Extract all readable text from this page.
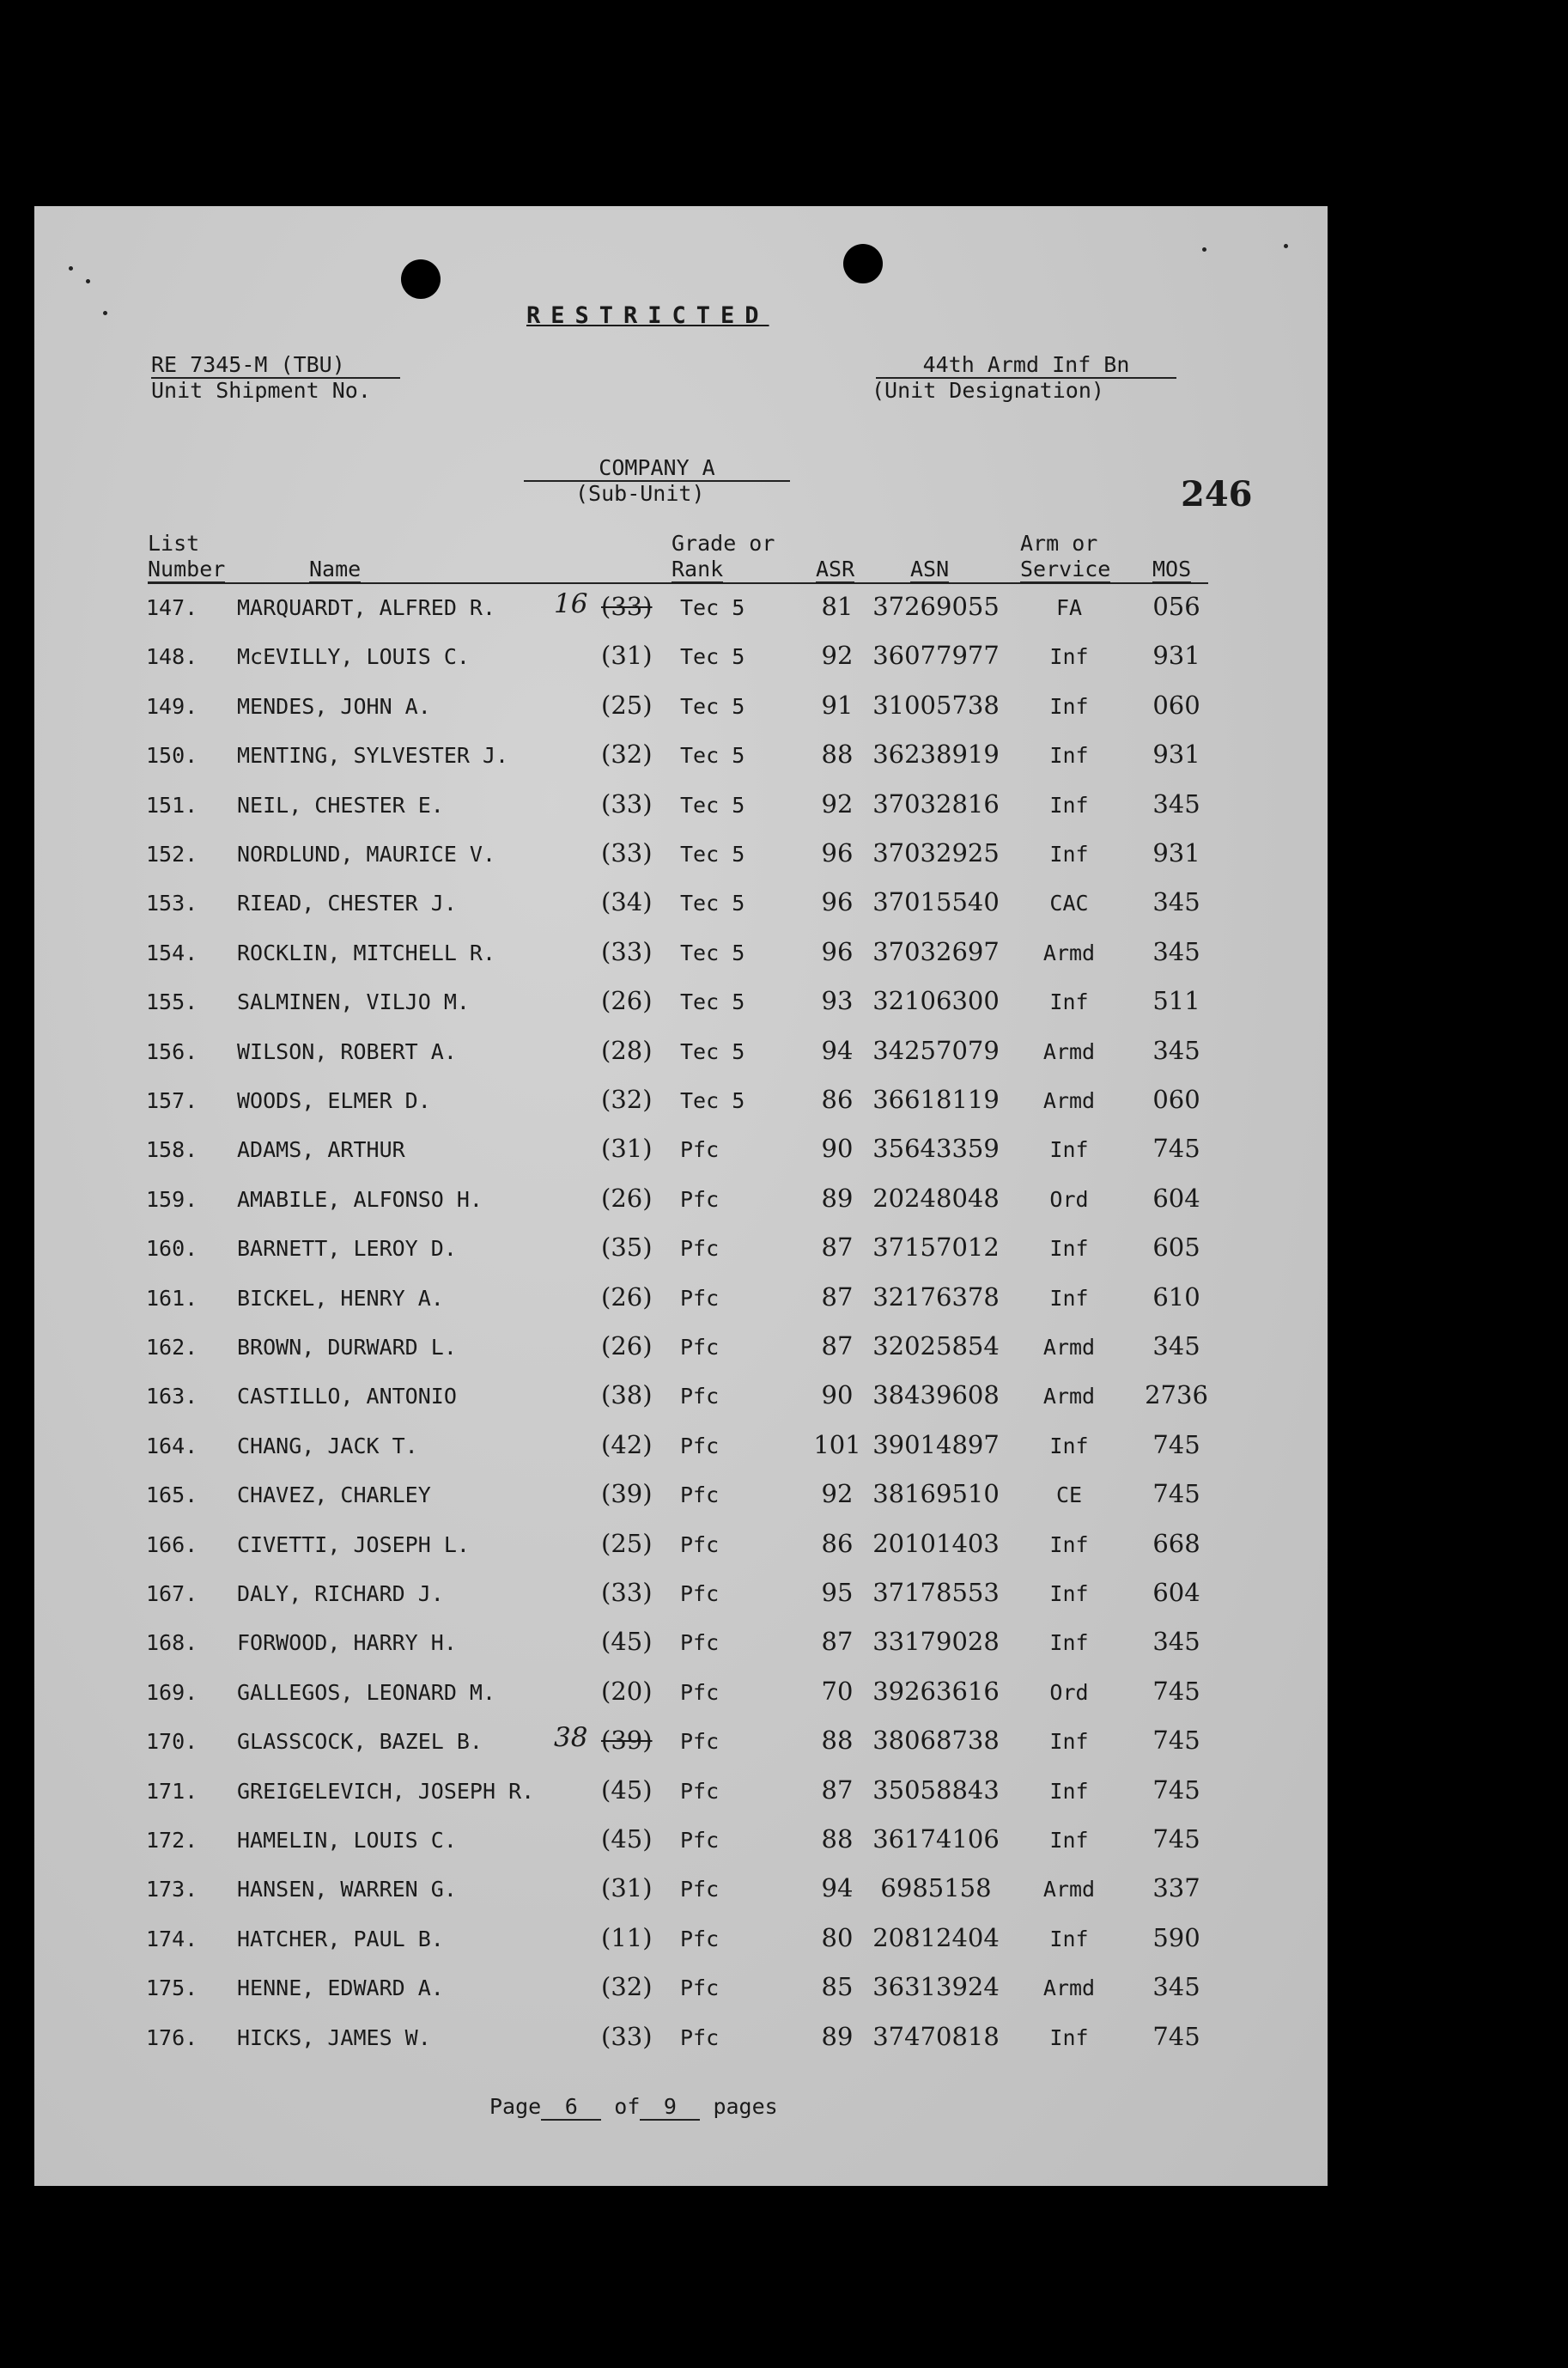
RESTRICTED
RE 7345-M (TBU)
Unit Shipment No.
44th Armd Inf Bn
(Unit Designation)
COMPANY A
(Sub-Unit)	246
List
Number	Name
Grade or
Rank	ASR	ASN
Arm or
Service MOS
147. MARQUARDT, ALFRED R.	(33) Tec 5	81 37269055	FA	056
16
148. McEVILLY, LOUIS C.	(31) Tec 5	92 36077977	Inf	931
149. MENDES, JOHN A.	(25) Tec 5	91 31005738	Inf	060
150. MENTING, SYLVESTER J.	(32) Tec 5	88 36238919	Inf	931
151. NEIL, CHESTER E.	(33) Tec 5	92 37032816	Inf	345
152. NORDLUND, MAURICE V.	(33) Tec 5	96 37032925	Inf	931
153. RIEAD, CHESTER J.	(34) Tec 5	96 37015540	CAC	345
154. ROCKLIN, MITCHELL R.	(33) Tec 5	96 37032697	Armd	345
155. SALMINEN, VILJO M.	(26) Tec 5	93 32106300	Inf	511
156. WILSON, ROBERT A.	(28) Tec 5	94 34257079	Armd	345
157. WOODS, ELMER D.	(32) Tec 5	86 36618119	Armd	060
158. ADAMS, ARTHUR	(31) Pfc	90 35643359	Inf	745
159. AMABILE, ALFONSO H.	(26) Pfc	89 20248048	Ord	604
160. BARNETT, LEROY D.	(35) Pfc	87 37157012	Inf	605
161. BICKEL, HENRY A.	(26) Pfc	87 32176378	Inf	610
162. BROWN, DURWARD L.	(26) Pfc	87 32025854	Armd	345
163. CASTILLO, ANTONIO	(38) Pfc	90 38439608	Armd	2736
164. CHANG, JACK T.	(42) Pfc	101 39014897	Inf	745
165. CHAVEZ, CHARLEY	(39) Pfc	92 38169510	CE	745
166. CIVETTI, JOSEPH L.	(25) Pfc	86 20101403	Inf	668
167. DALY, RICHARD J.	(33) Pfc	95 37178553	Inf	604
168. FORWOOD, HARRY H.	(45) Pfc	87 33179028	Inf	345
169. GALLEGOS, LEONARD M.	(20) Pfc	70 39263616	Ord	745
170. GLASSCOCK, BAZEL B.	(39) Pfc	88 38068738	Inf	745
38
171. GREIGELEVICH, JOSEPH R.	(45) Pfc	87 35058843	Inf	745
172. HAMELIN, LOUIS C.	(45) Pfc	88 36174106	Inf	745
173. HANSEN, WARREN G.	(31) Pfc	94	6985158	Armd	337
174. HATCHER, PAUL B.	(11) Pfc	80 20812404	Inf	590
175. HENNE, EDWARD A.	(32) Pfc	85 36313924	Armd	345
176. HICKS, JAMES W.	(33) Pfc	89 37470818	Inf	745
Page 6 of 9 pages
